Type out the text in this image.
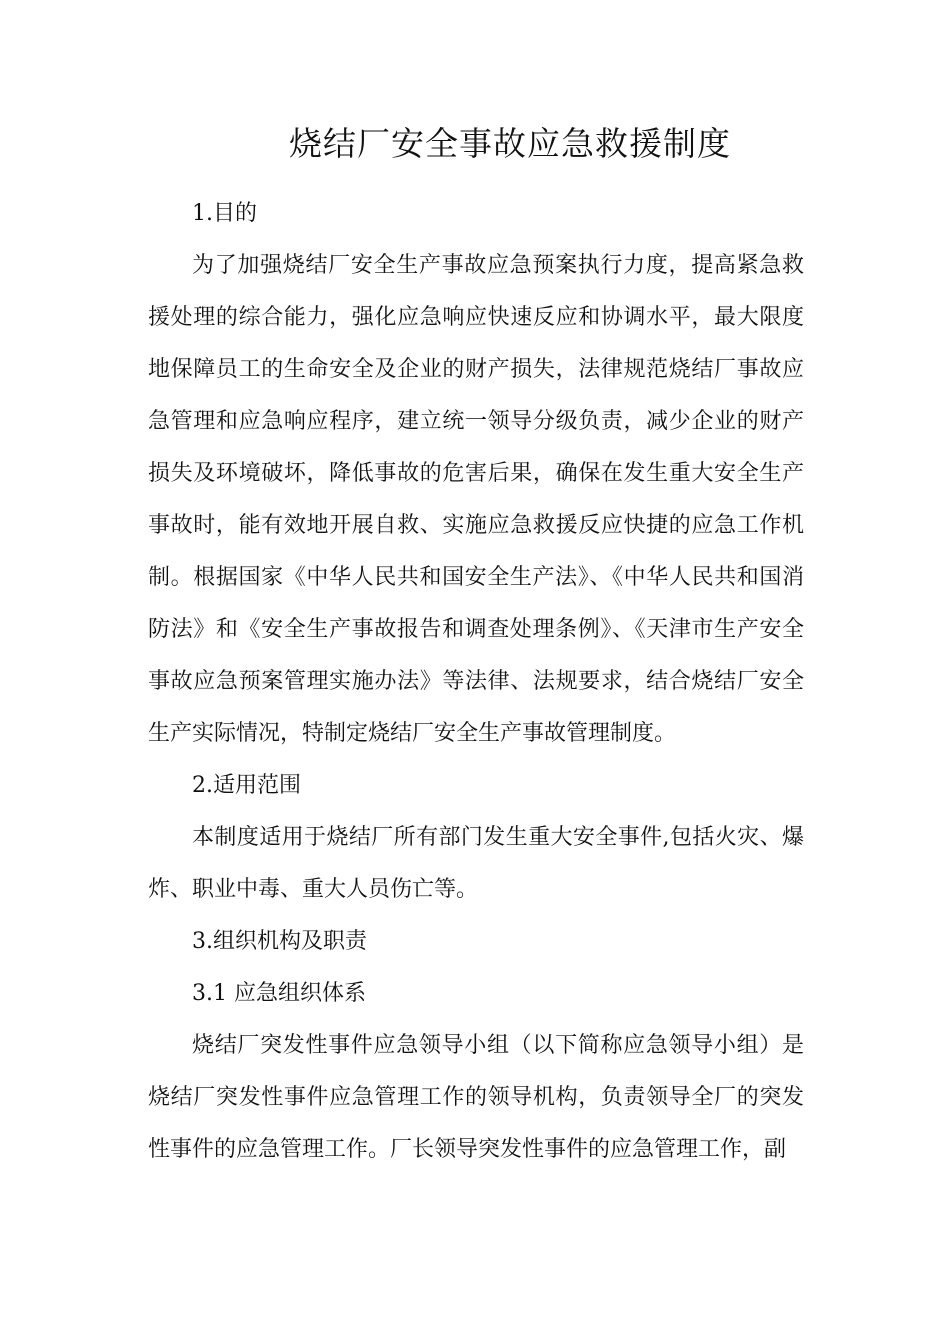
烧结厂安全事故应急救援制度

1.目的

为了加强烧结厂安全生产事故应急预案执行力度，提高紧急救援处理的综合能力，强化应急响应快速反应和协调水平，最大限度地保障员工的生命安全及企业的财产损失，法律规范烧结厂事故应急管理和应急响应程序，建立统一领导分级负责，减少企业的财产损失及环境破坏，降低事故的危害后果，确保在发生重大安全生产事故时，能有效地开展自救、实施应急救援反应快捷的应急工作机制。根据国家《中华人民共和国安全生产法》、《中华人民共和国消防法》和《安全生产事故报告和调查处理条例》、《天津市生产安全事故应急预案管理实施办法》等法律、法规要求，结合烧结厂安全生产实际情况，特制定烧结厂安全生产事故管理制度。

2.适用范围

本制度适用于烧结厂所有部门发生重大安全事件,包括火灾、爆炸、职业中毒、重大人员伤亡等。

3.组织机构及职责

3.1 应急组织体系

烧结厂突发性事件应急领导小组（以下简称应急领导小组）是烧结厂突发性事件应急管理工作的领导机构，负责领导全厂的突发性事件的应急管理工作。厂长领导突发性事件的应急管理工作，副
